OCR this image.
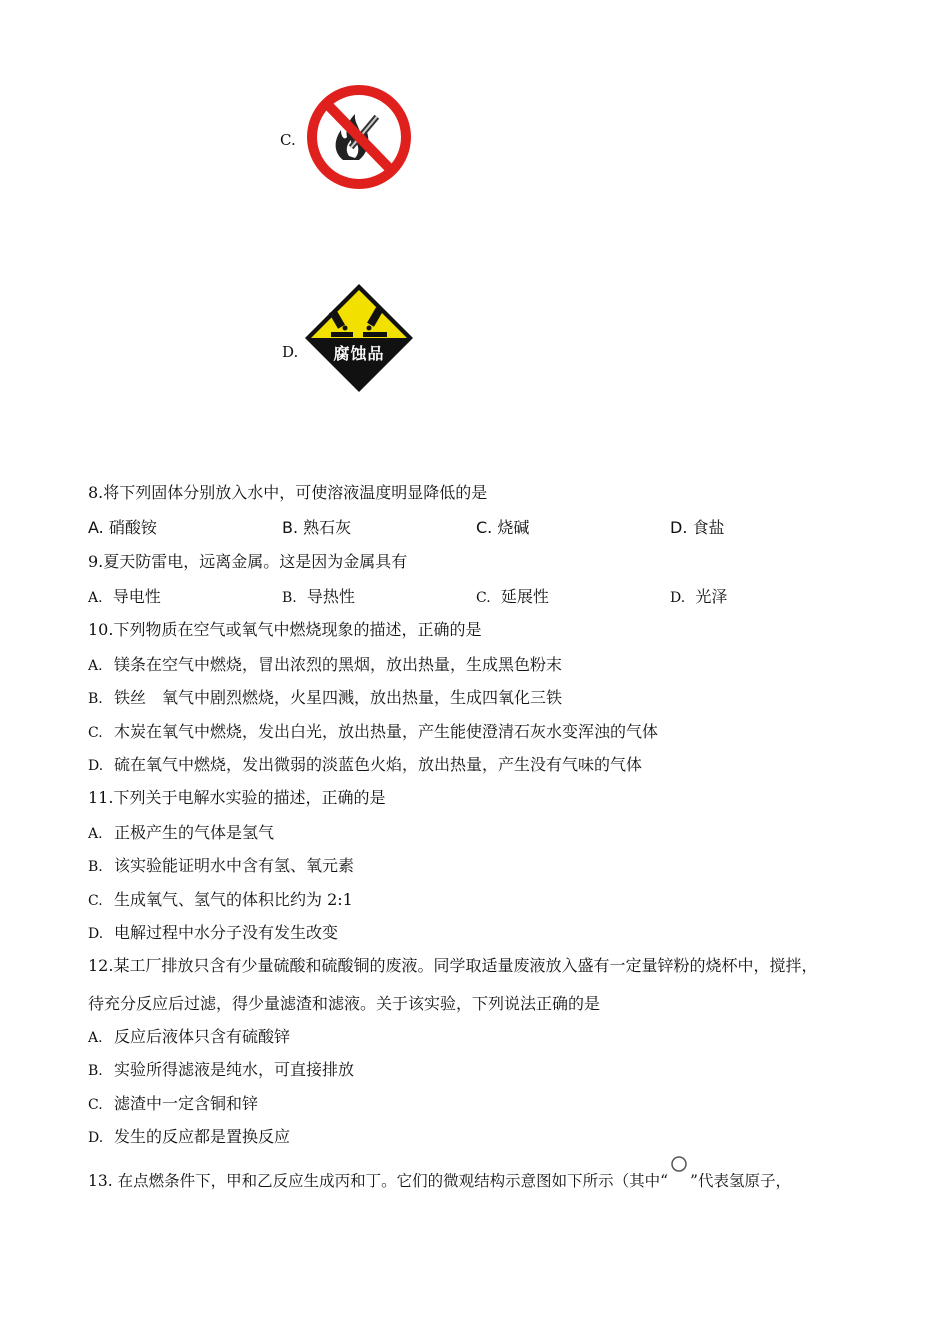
C.
D.	腐蚀品
8.将下列固体分别放入水中，可使溶液温度明显降低的是
A. 硝酸铵	B. 熟石灰	C. 烧碱	D. 食盐
9.夏天防雷电，远离金属。这是因为金属具有
A. 导电性	B. 导热性	C. 延展性	D. 光泽
10.下列物质在空气或氧气中燃烧现象的描述，正确的是
A. 镁条在空气中燃烧，冒出浓烈的黑烟，放出热量，生成黑色粉末
B. 铁丝　氧气中剧烈燃烧，火星四溅，放出热量，生成四氧化三铁
C. 木炭在氧气中燃烧，发出白光，放出热量，产生能使澄清石灰水变浑浊的气体
D. 硫在氧气中燃烧，发出微弱的淡蓝色火焰，放出热量，产生没有气味的气体
11.下列关于电解水实验的描述，正确的是
A. 正极产生的气体是氢气
B. 该实验能证明水中含有氢、氧元素
C. 生成氧气、氢气的体积比约为 2:1
D. 电解过程中水分子没有发生改变
12.某工厂排放只含有少量硫酸和硫酸铜的废液。同学取适量废液放入盛有一定量锌粉的烧杯中，搅拌，
待充分反应后过滤，得少量滤渣和滤液。关于该实验，下列说法正确的是
A. 反应后液体只含有硫酸锌
B. 实验所得滤液是纯水，可直接排放
C. 滤渣中一定含铜和锌
D. 发生的反应都是置换反应
13. 在点燃条件下，甲和乙反应生成丙和丁。它们的微观结构示意图如下所示（其中“ ”代表氢原子，
